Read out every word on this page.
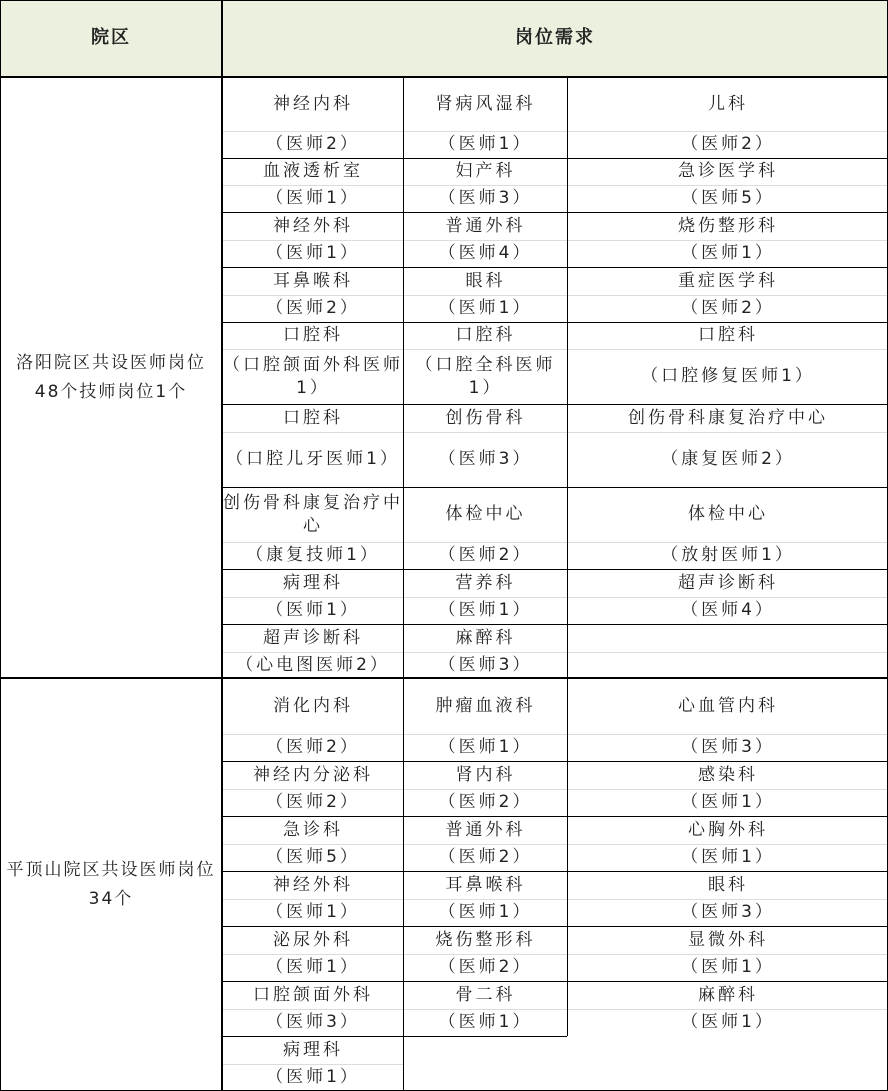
院区	岗位需求
洛阳院区共设医师岗位48个技师岗位1个
平顶山院区共设医师岗位34个
神经内科
（医师2）
肾病风湿科
（医师1）
儿科
（医师2）
血液透析室
（医师1）
妇产科
（医师3）
急诊医学科
（医师5）
神经外科
（医师1）
普通外科
（医师4）
烧伤整形科
（医师1）
耳鼻喉科
（医师2）
眼科
（医师1）
重症医学科
（医师2）
口腔科
（口腔颌面外科医师1）
口腔科
（口腔全科医师1）
口腔科
（口腔修复医师1）
口腔科
（口腔儿牙医师1）
创伤骨科
（医师3）
创伤骨科康复治疗中心
（康复医师2）
创伤骨科康复治疗中心
（康复技师1）
体检中心
（医师2）
体检中心
（放射医师1）
病理科
（医师1）
营养科
（医师1）
超声诊断科
（医师4）
超声诊断科
（心电图医师2）
麻醉科
（医师3）
消化内科
（医师2）
肿瘤血液科
（医师1）
心血管内科
（医师3）
神经内分泌科
（医师2）
肾内科
（医师2）
感染科
（医师1）
急诊科
（医师5）
普通外科
（医师2）
心胸外科
（医师1）
神经外科
（医师1）
耳鼻喉科
（医师1）
眼科
（医师3）
泌尿外科
（医师1）
烧伤整形科
（医师2）
显微外科
（医师1）
口腔颌面外科
（医师3）
骨二科
（医师1）
麻醉科
（医师1）
病理科
（医师1）
